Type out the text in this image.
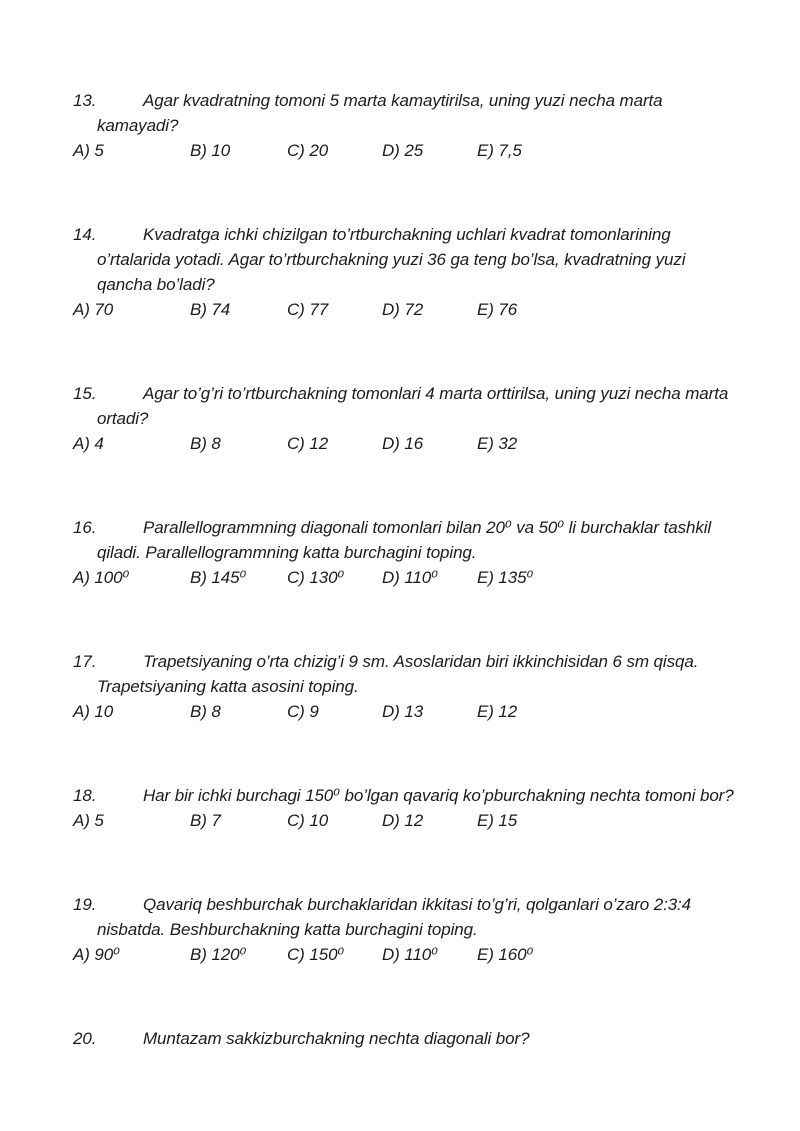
13.	Agar kvadratning tomoni 5 marta kamaytirilsa, uning yuzi necha marta kamayadi?

A) 5	B) 10	C) 20	D) 25	E) 7,5
14.	Kvadratga ichki chizilgan to’rtburchakning uchlari kvadrat tomonlarining o’rtalarida yotadi. Agar to’rtburchakning yuzi 36 ga teng bo’lsa, kvadratning yuzi qancha bo’ladi?

A) 70	B) 74	C) 77	D) 72	E) 76
15.	Agar to’g’ri to’rtburchakning tomonlari 4 marta orttirilsa, uning yuzi necha marta ortadi?

A) 4	B) 8	C) 12	D) 16	E) 32
16.	Parallellogrammning diagonali tomonlari bilan 20⁰ va 50⁰ li burchaklar tashkil qiladi. Parallellogrammning katta burchagini toping.

A) 100⁰	B) 145⁰	C) 130⁰	D) 110⁰	E) 135⁰
17.	Trapetsiyaning o’rta chizig’i 9 sm. Asoslaridan biri ikkinchisidan 6 sm qisqa. Trapetsiyaning katta asosini toping.

A) 10	B) 8	C) 9	D) 13	E) 12
18.	Har bir ichki burchagi 150⁰ bo’lgan qavariq ko’pburchakning nechta tomoni bor?

A) 5	B) 7	C) 10	D) 12	E) 15
19.	Qavariq beshburchak burchaklaridan ikkitasi to’g’ri, qolganlari o’zaro 2:3:4 nisbatda. Beshburchakning katta burchagini toping.

A) 90⁰	B) 120⁰	C) 150⁰	D) 110⁰	E) 160⁰
20.	Muntazam sakkizburchakning nechta diagonali bor?
